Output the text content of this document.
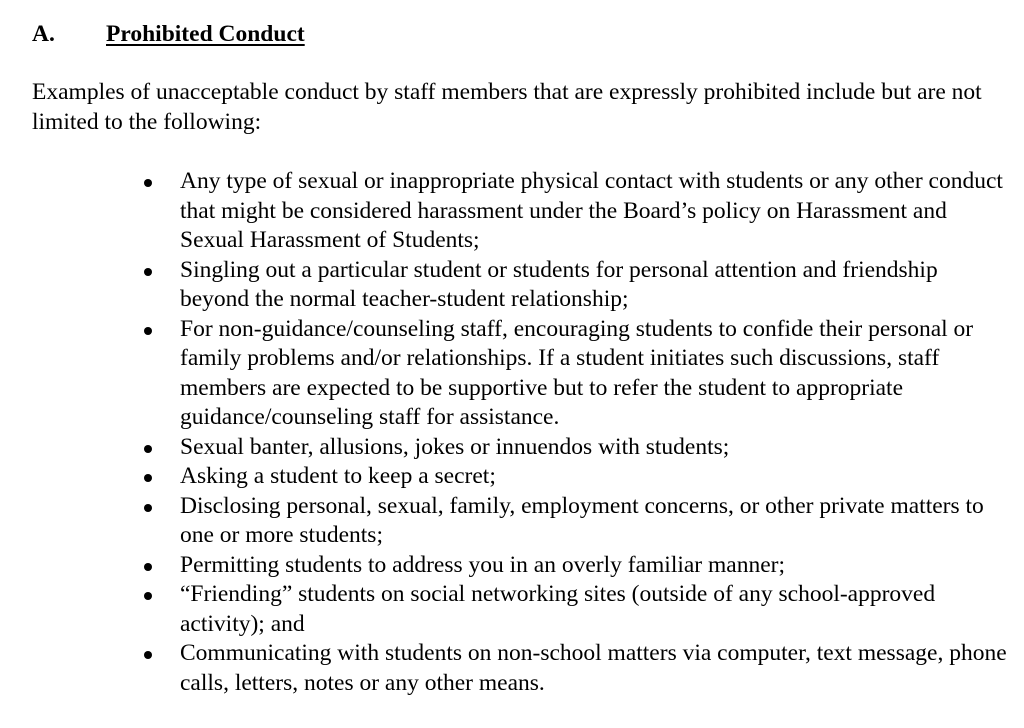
A. Prohibited Conduct

Examples of unacceptable conduct by staff members that are expressly prohibited include but are not limited to the following:

Any type of sexual or inappropriate physical contact with students or any other conduct that might be considered harassment under the Board’s policy on Harassment and Sexual Harassment of Students;
Singling out a particular student or students for personal attention and friendship beyond the normal teacher-student relationship;
For non-guidance/counseling staff, encouraging students to confide their personal or family problems and/or relationships. If a student initiates such discussions, staff members are expected to be supportive but to refer the student to appropriate guidance/counseling staff for assistance.
Sexual banter, allusions, jokes or innuendos with students;
Asking a student to keep a secret;
Disclosing personal, sexual, family, employment concerns, or other private matters to one or more students;
Permitting students to address you in an overly familiar manner;
“Friending” students on social networking sites (outside of any school-approved activity); and
Communicating with students on non-school matters via computer, text message, phone calls, letters, notes or any other means.
